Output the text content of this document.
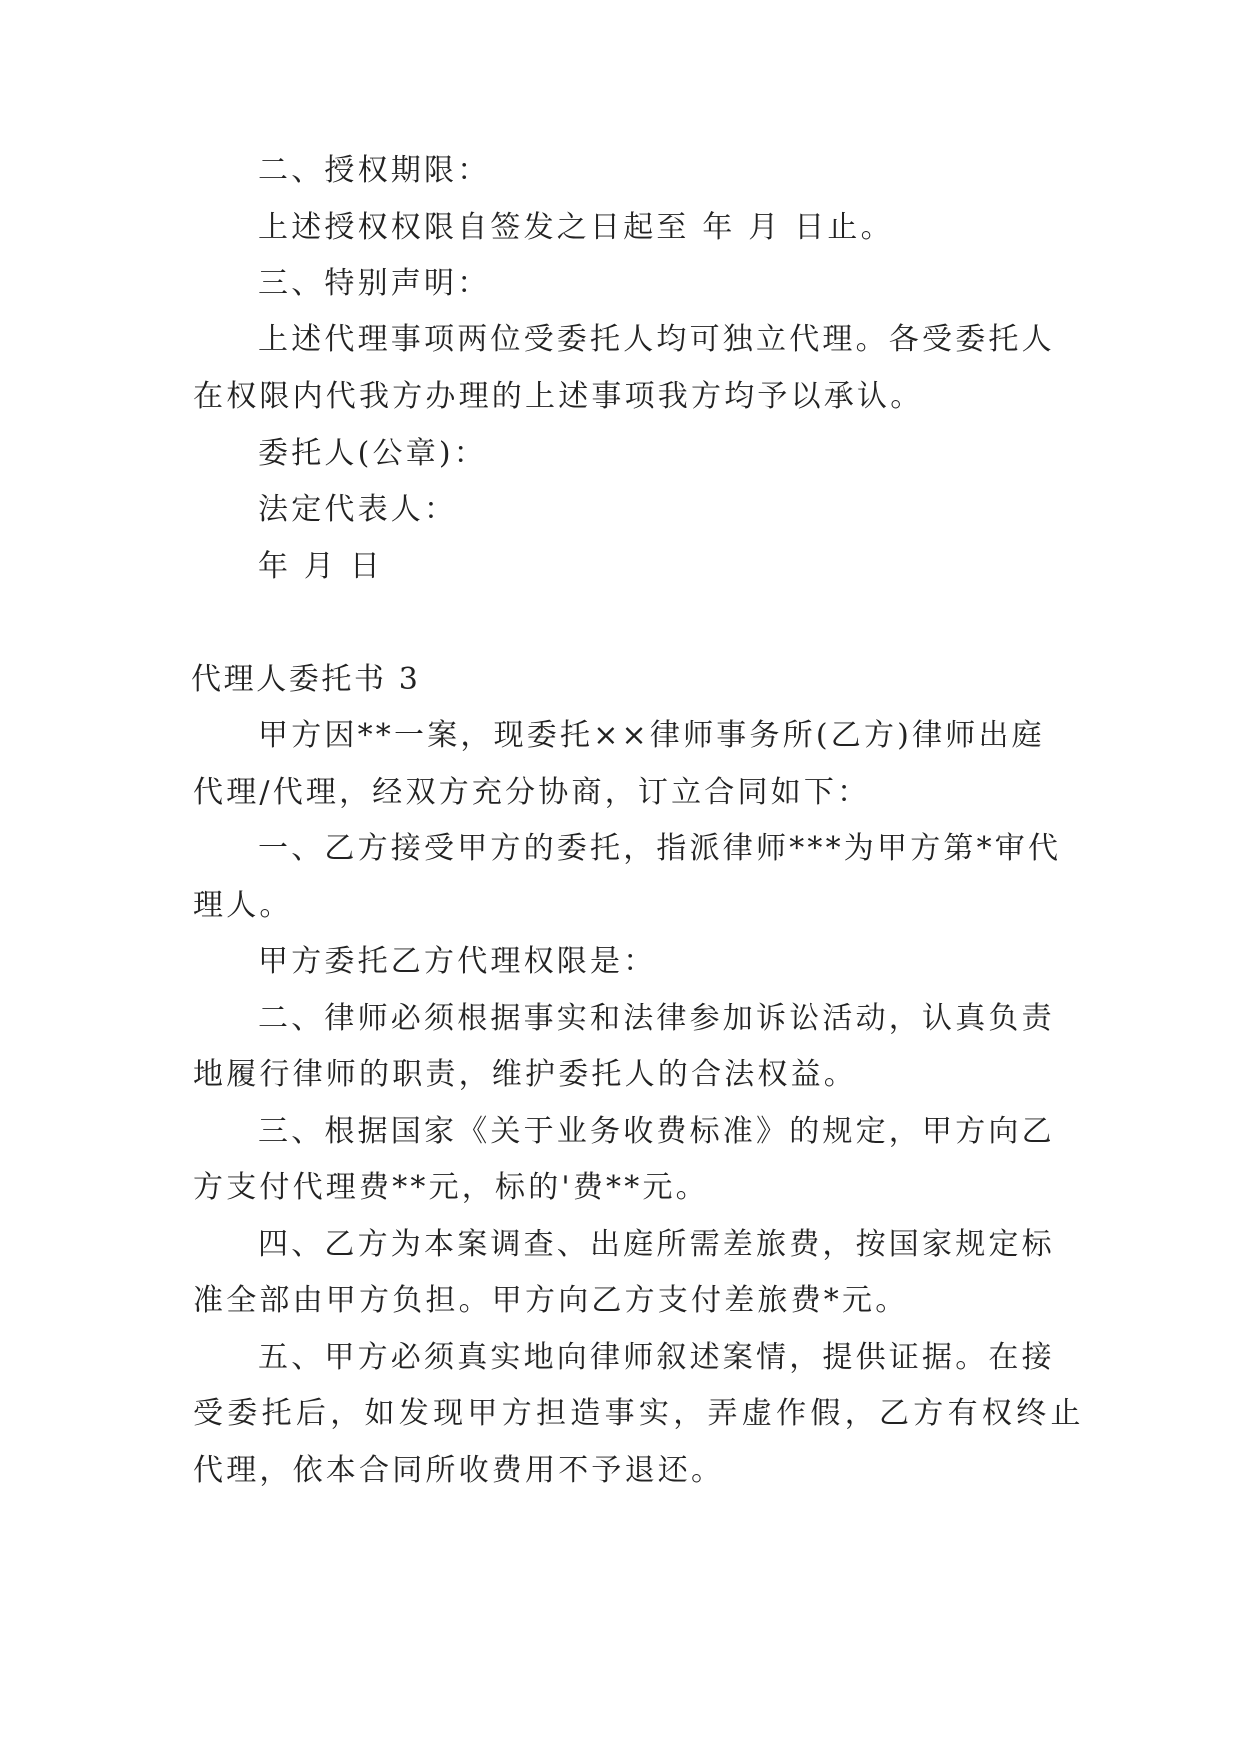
二、授权期限：
上述授权权限自签发之日起至 年 月 日止。
三、特别声明：
上述代理事项两位受委托人均可独立代理。各受委托人
在权限内代我方办理的上述事项我方均予以承认。
委托人(公章)：
法定代表人：
年 月 日
代理人委托书 3
甲方因**一案，现委托××律师事务所(乙方)律师出庭
代理/代理，经双方充分协商，订立合同如下：
一、乙方接受甲方的委托，指派律师***为甲方第*审代
理人。
甲方委托乙方代理权限是：
二、律师必须根据事实和法律参加诉讼活动，认真负责
地履行律师的职责，维护委托人的合法权益。
三、根据国家《关于业务收费标准》的规定，甲方向乙
方支付代理费**元，标的'费**元。
四、乙方为本案调查、出庭所需差旅费，按国家规定标
准全部由甲方负担。甲方向乙方支付差旅费*元。
五、甲方必须真实地向律师叙述案情，提供证据。在接
受委托后，如发现甲方担造事实，弄虚作假，乙方有权终止
代理，依本合同所收费用不予退还。
